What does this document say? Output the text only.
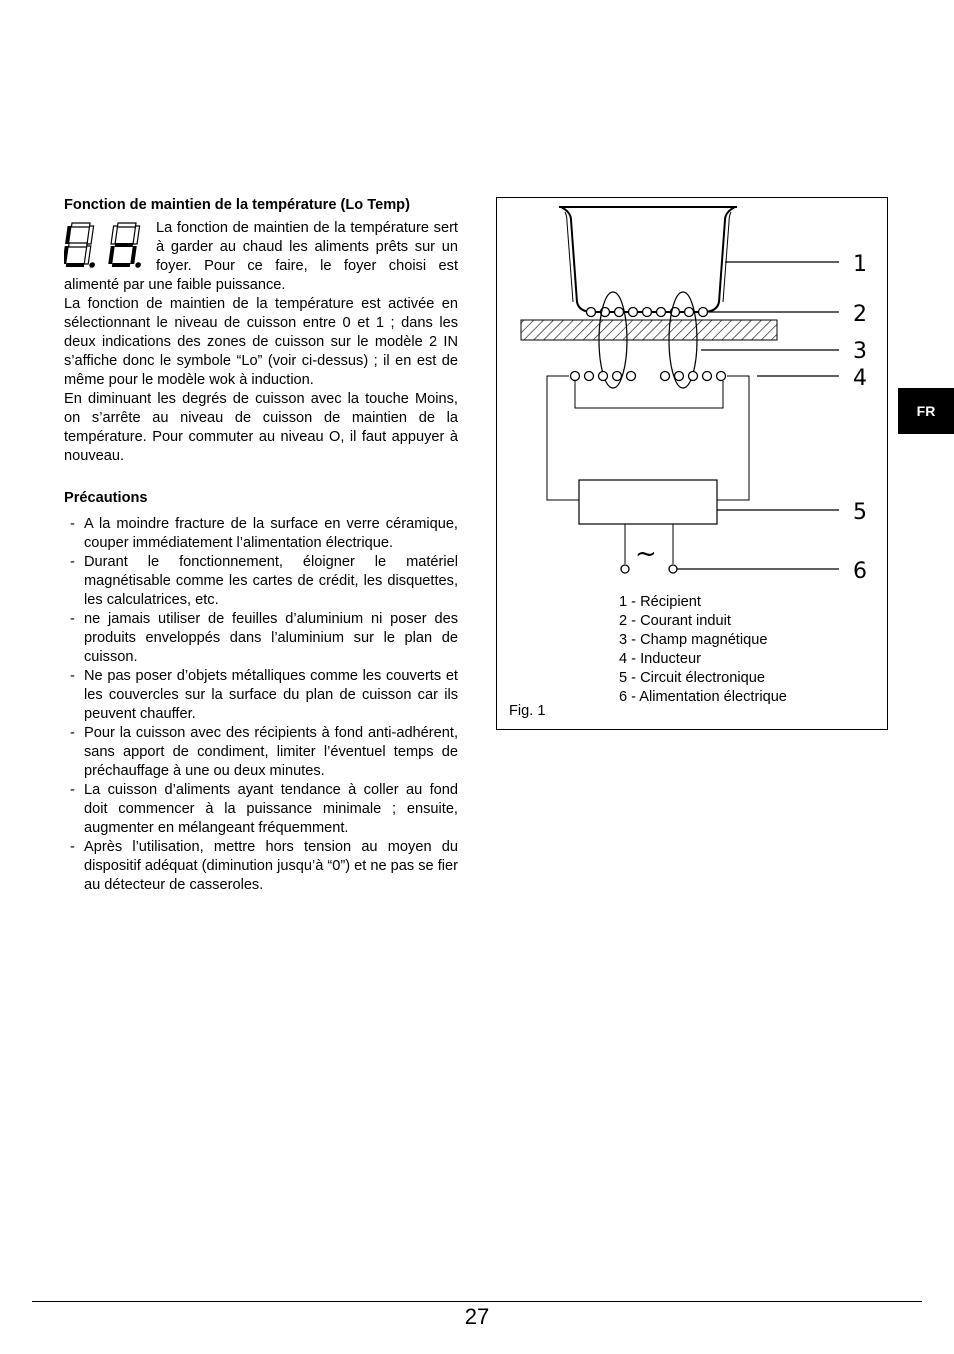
Fonction de maintien de la température (Lo Temp)

La fonction de maintien de la température sert à garder au chaud les aliments prêts sur un foyer. Pour ce faire, le foyer choisi est alimenté par une faible puissance.

La fonction de maintien de la température est activée en sélectionnant le niveau de cuisson entre 0 et 1 ; dans les deux indications des zones de cuisson sur le modèle 2 IN s’affiche donc le symbole “Lo” (voir ci-dessus) ; il en est de même pour le modèle wok à induction.

En diminuant les degrés de cuisson avec la touche Moins, on s’arrête au niveau de cuisson de maintien de la température. Pour commuter au niveau O, il faut appuyer à nouveau.

Précautions

- A la moindre fracture de la surface en verre céramique, couper immédiatement l’alimentation électrique.
- Durant le fonctionnement, éloigner le matériel magnétisable comme les cartes de crédit, les disquettes, les calculatrices, etc.
- ne jamais utiliser de feuilles d’aluminium ni poser des produits enveloppés dans l’aluminium sur le plan de cuisson.
- Ne pas poser d’objets métalliques comme les couverts et les couvercles sur la surface du plan de cuisson car ils peuvent chauffer.
- Pour la cuisson avec des récipients à fond anti-adhérent, sans apport de condiment, limiter l’éventuel temps de préchauffage à une ou deux minutes.
- La cuisson d’aliments ayant tendance à coller au fond doit commencer à la puissance minimale ; ensuite, augmenter en mélangeant fréquemment.
- Après l’utilisation, mettre hors tension au moyen du dispositif adéquat (diminution jusqu’à “0”) et ne pas se fier au détecteur de casseroles.
1
2
3
4
5
6
~
1 - Récipient
2 - Courant induit
3 - Champ magnétique
4 - Inducteur
5 - Circuit électronique
6 - Alimentation électrique
Fig. 1
FR
27
